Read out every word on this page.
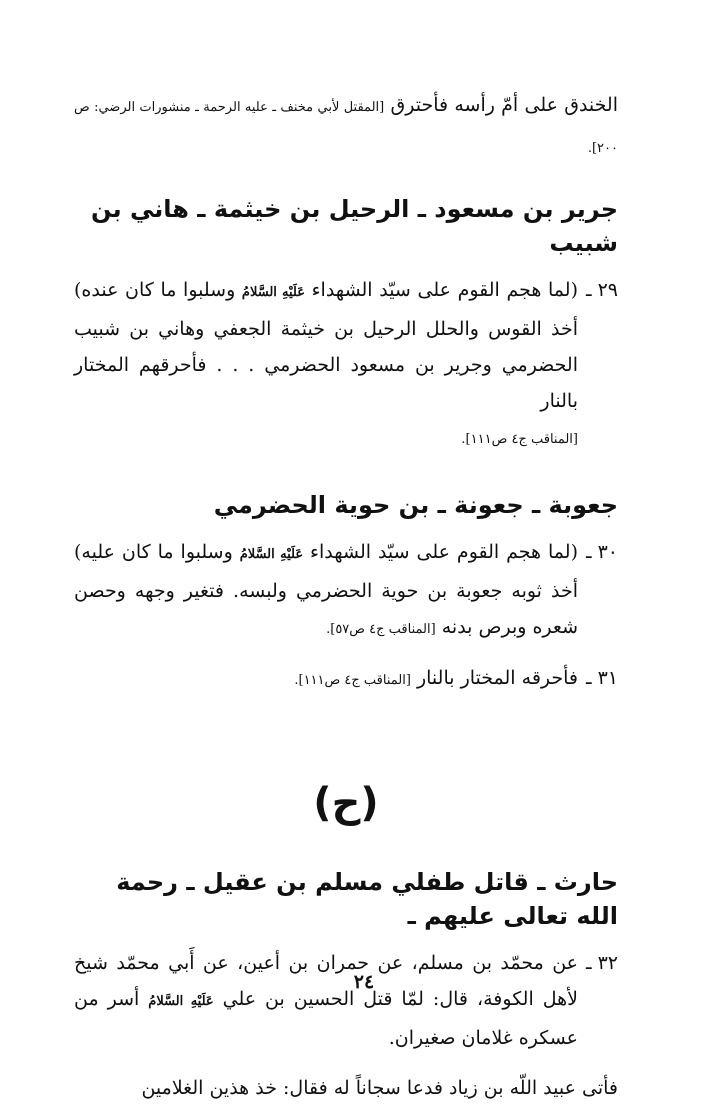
الخندق على أمّ رأسه فأحترق [المقتل لأبي مخنف ـ عليه الرحمة ـ منشورات الرضي: ص ٢٠٠].
جرير بن مسعود ـ الرحيل بن خيثمة ـ هاني بن شبيب
٢٩ ـ
(لما هجم القوم على سيّد الشهداء عَلَيْهِ السَّلامُ وسلبوا ما كان عنده) أخذ القوس والحلل الرحيل بن خيثمة الجعفي وهاني بن شبيب الحضرمي وجرير بن مسعود الحضرمي . . . فأحرقهم المختار بالنار
[المناقب ج٤ ص١١١].
جعوبة ـ جعونة ـ بن حوية الحضرمي
٣٠ ـ
(لما هجم القوم على سيّد الشهداء عَلَيْهِ السَّلامُ وسلبوا ما كان عليه) أخذ ثوبه جعوبة بن حوية الحضرمي ولبسه. فتغير وجهه وحصن شعره وبرص بدنه [المناقب ج٤ ص٥٧].
٣١ ـ
فأحرقه المختار بالنار [المناقب ج٤ ص١١١].
(ح)
حارث ـ قاتل طفلي مسلم بن عقيل ـ رحمة الله تعالى عليهم ـ
٣٢ ـ
عن محمّد بن مسلم، عن حمران بن أعين، عن أَبي محمّد شيخ لأهل الكوفة، قال: لمّا قتل الحسين بن علي عَلَيْهِ السَّلامُ أسر من عسكره غلامان صغيران.
فأتى عبيد اللّه بن زياد فدعا سجاناً له فقال: خذ هذين الغلامين
٢٤
